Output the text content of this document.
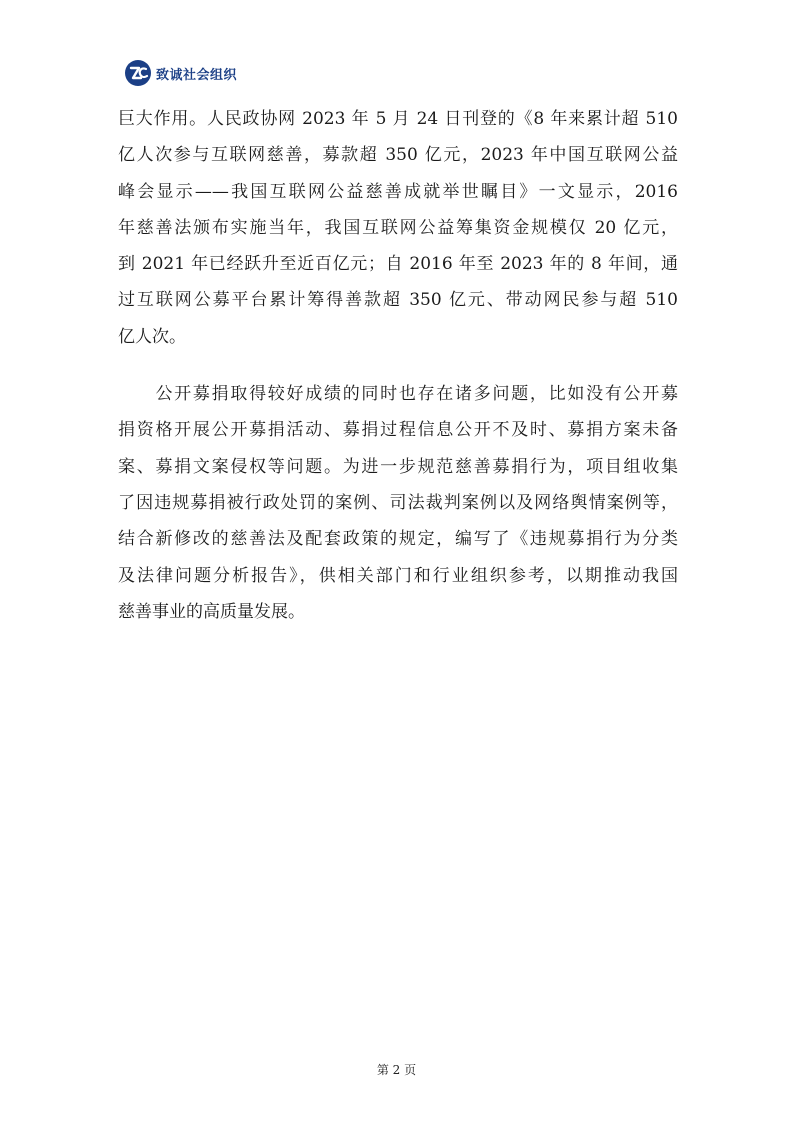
致诚社会组织
巨大作用。人民政协网 2023 年 5 月 24 日刊登的《8 年来累计超 510
亿人次参与互联网慈善，募款超 350 亿元，2023 年中国互联网公益
峰会显示——我国互联网公益慈善成就举世瞩目》一文显示，2016
年慈善法颁布实施当年，我国互联网公益筹集资金规模仅 20 亿元，
到 2021 年已经跃升至近百亿元；自 2016 年至 2023 年的 8 年间，通
过互联网公募平台累计筹得善款超 350 亿元、带动网民参与超 510
亿人次。
　　公开募捐取得较好成绩的同时也存在诸多问题，比如没有公开募
捐资格开展公开募捐活动、募捐过程信息公开不及时、募捐方案未备
案、募捐文案侵权等问题。为进一步规范慈善募捐行为，项目组收集
了因违规募捐被行政处罚的案例、司法裁判案例以及网络舆情案例等，
结合新修改的慈善法及配套政策的规定，编写了《违规募捐行为分类
及法律问题分析报告》，供相关部门和行业组织参考，以期推动我国
慈善事业的高质量发展。
第 2 页
